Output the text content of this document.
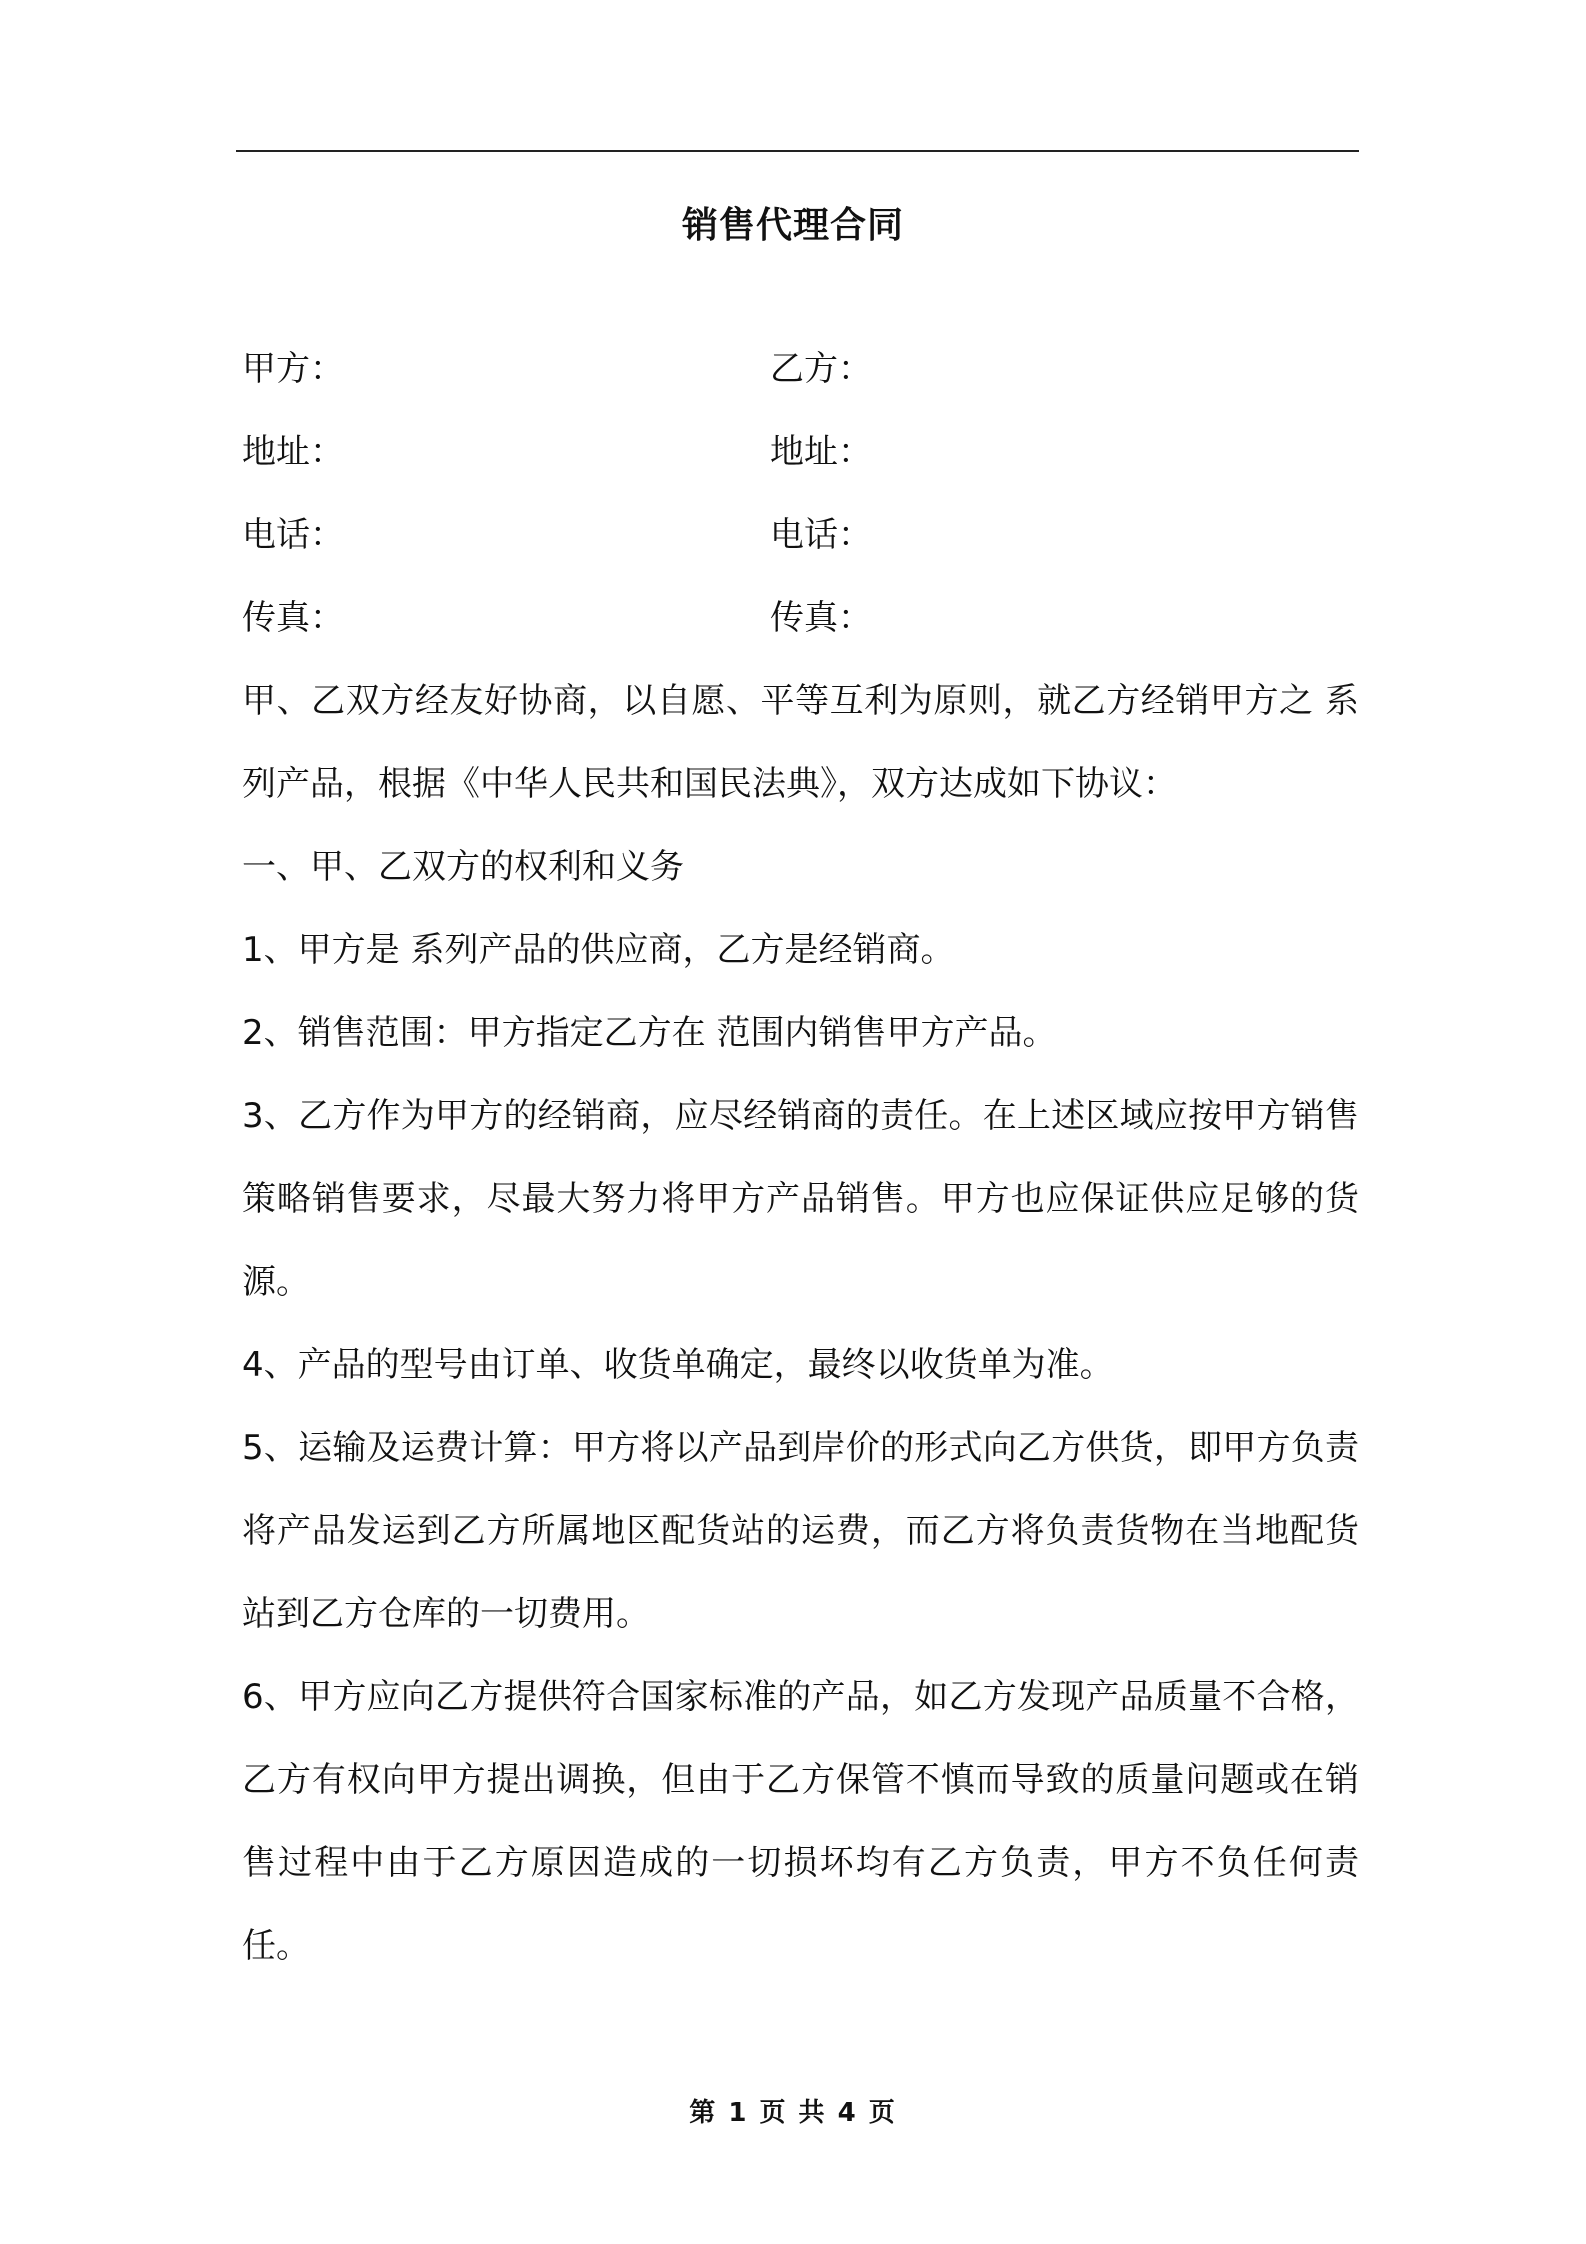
销售代理合同
甲方：	乙方：
地址：	地址：
电话：	电话：
传真：	传真：

甲、乙双方经友好协商，以自愿、平等互利为原则，就乙方经销甲方之 系列产品，根据《中华人民共和国民法典》，双方达成如下协议：

一、甲、乙双方的权利和义务

1、甲方是 系列产品的供应商，乙方是经销商。

2、销售范围：甲方指定乙方在 范围内销售甲方产品。

3、乙方作为甲方的经销商，应尽经销商的责任。在上述区域应按甲方销售策略销售要求，尽最大努力将甲方产品销售。甲方也应保证供应足够的货源。

4、产品的型号由订单、收货单确定，最终以收货单为准。

5、运输及运费计算：甲方将以产品到岸价的形式向乙方供货，即甲方负责将产品发运到乙方所属地区配货站的运费，而乙方将负责货物在当地配货站到乙方仓库的一切费用。

6、甲方应向乙方提供符合国家标准的产品，如乙方发现产品质量不合格，乙方有权向甲方提出调换，但由于乙方保管不慎而导致的质量问题或在销售过程中由于乙方原因造成的一切损坏均有乙方负责，甲方不负任何责任。

第 1 页 共 4 页
